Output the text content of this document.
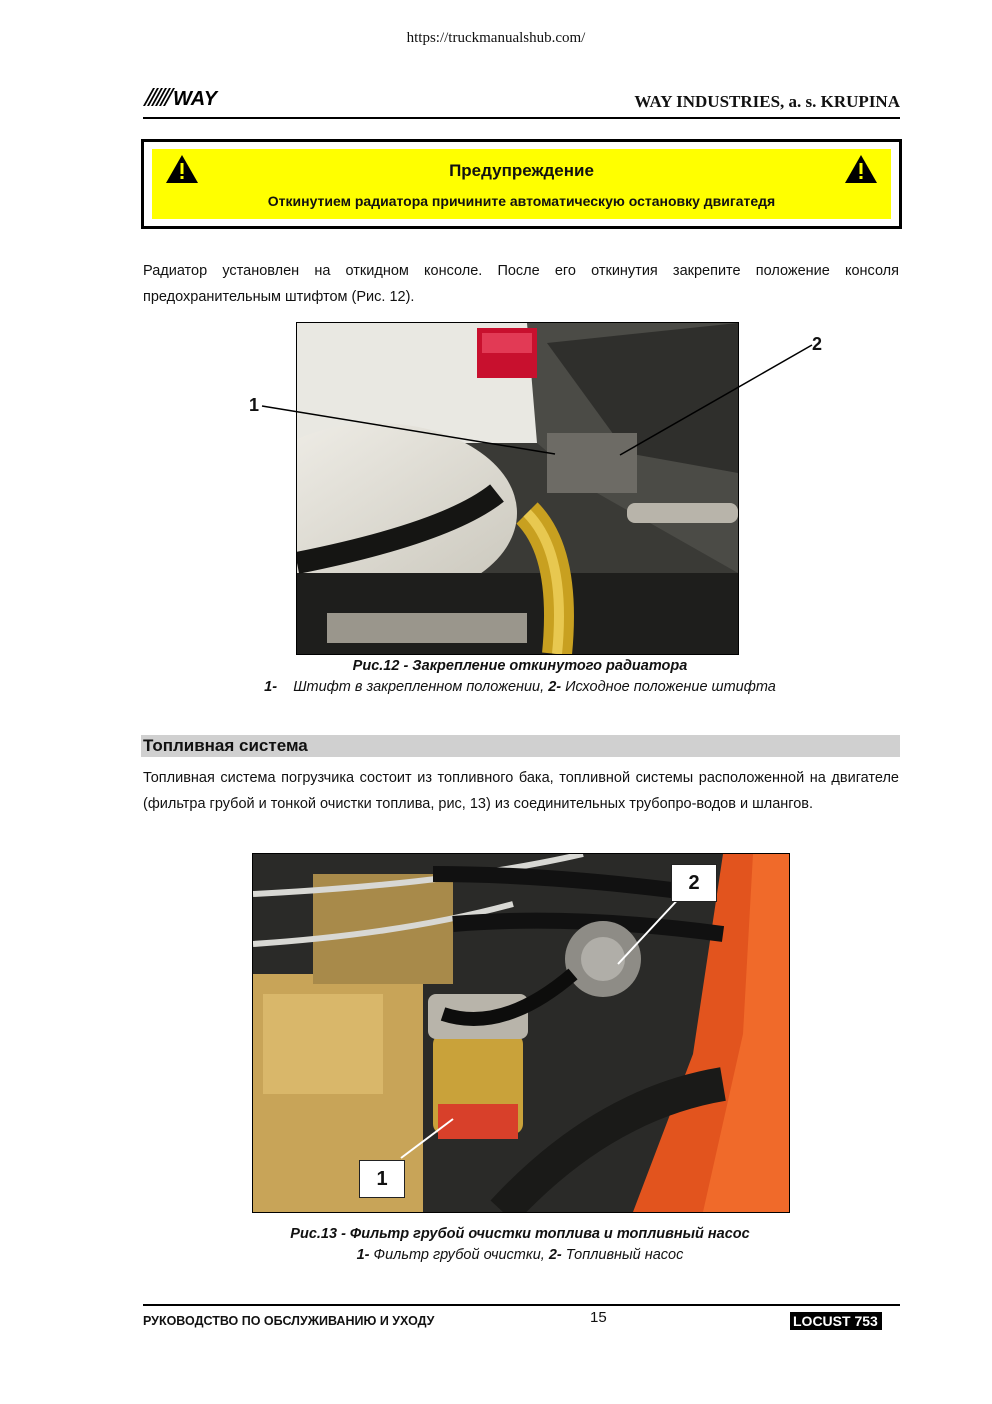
https://truckmanualshub.com/
WAY	WAY INDUSTRIES, a. s. KRUPINA
Предупреждение
Откинутием радиатора причините автоматическую остановку двигатедя
Радиатор установлен на откидном консоле. После его откинутия закрепите положение консоля предохранительным штифтом (Рис. 12).
1
2
Рис.12 - Закрепление откинутого радиатора
1- Штифт в закрепленном положении, 2- Исходное положение штифта
Топливная система
Топливная система погрузчика состоит из топливного бака, топливной системы расположенной на двигателе (фильтра грубой и тонкой очистки топлива, рис, 13) из соединительных трубопро-водов и шлангов.
1
2
Рис.13 - Фильтр грубой очистки топлива и топливный насос
1- Фильтр грубой очистки, 2- Топливный насос
РУКОВОДСТВО ПО ОБСЛУЖИВАНИЮ И УХОДУ	15	LOCUST 753
